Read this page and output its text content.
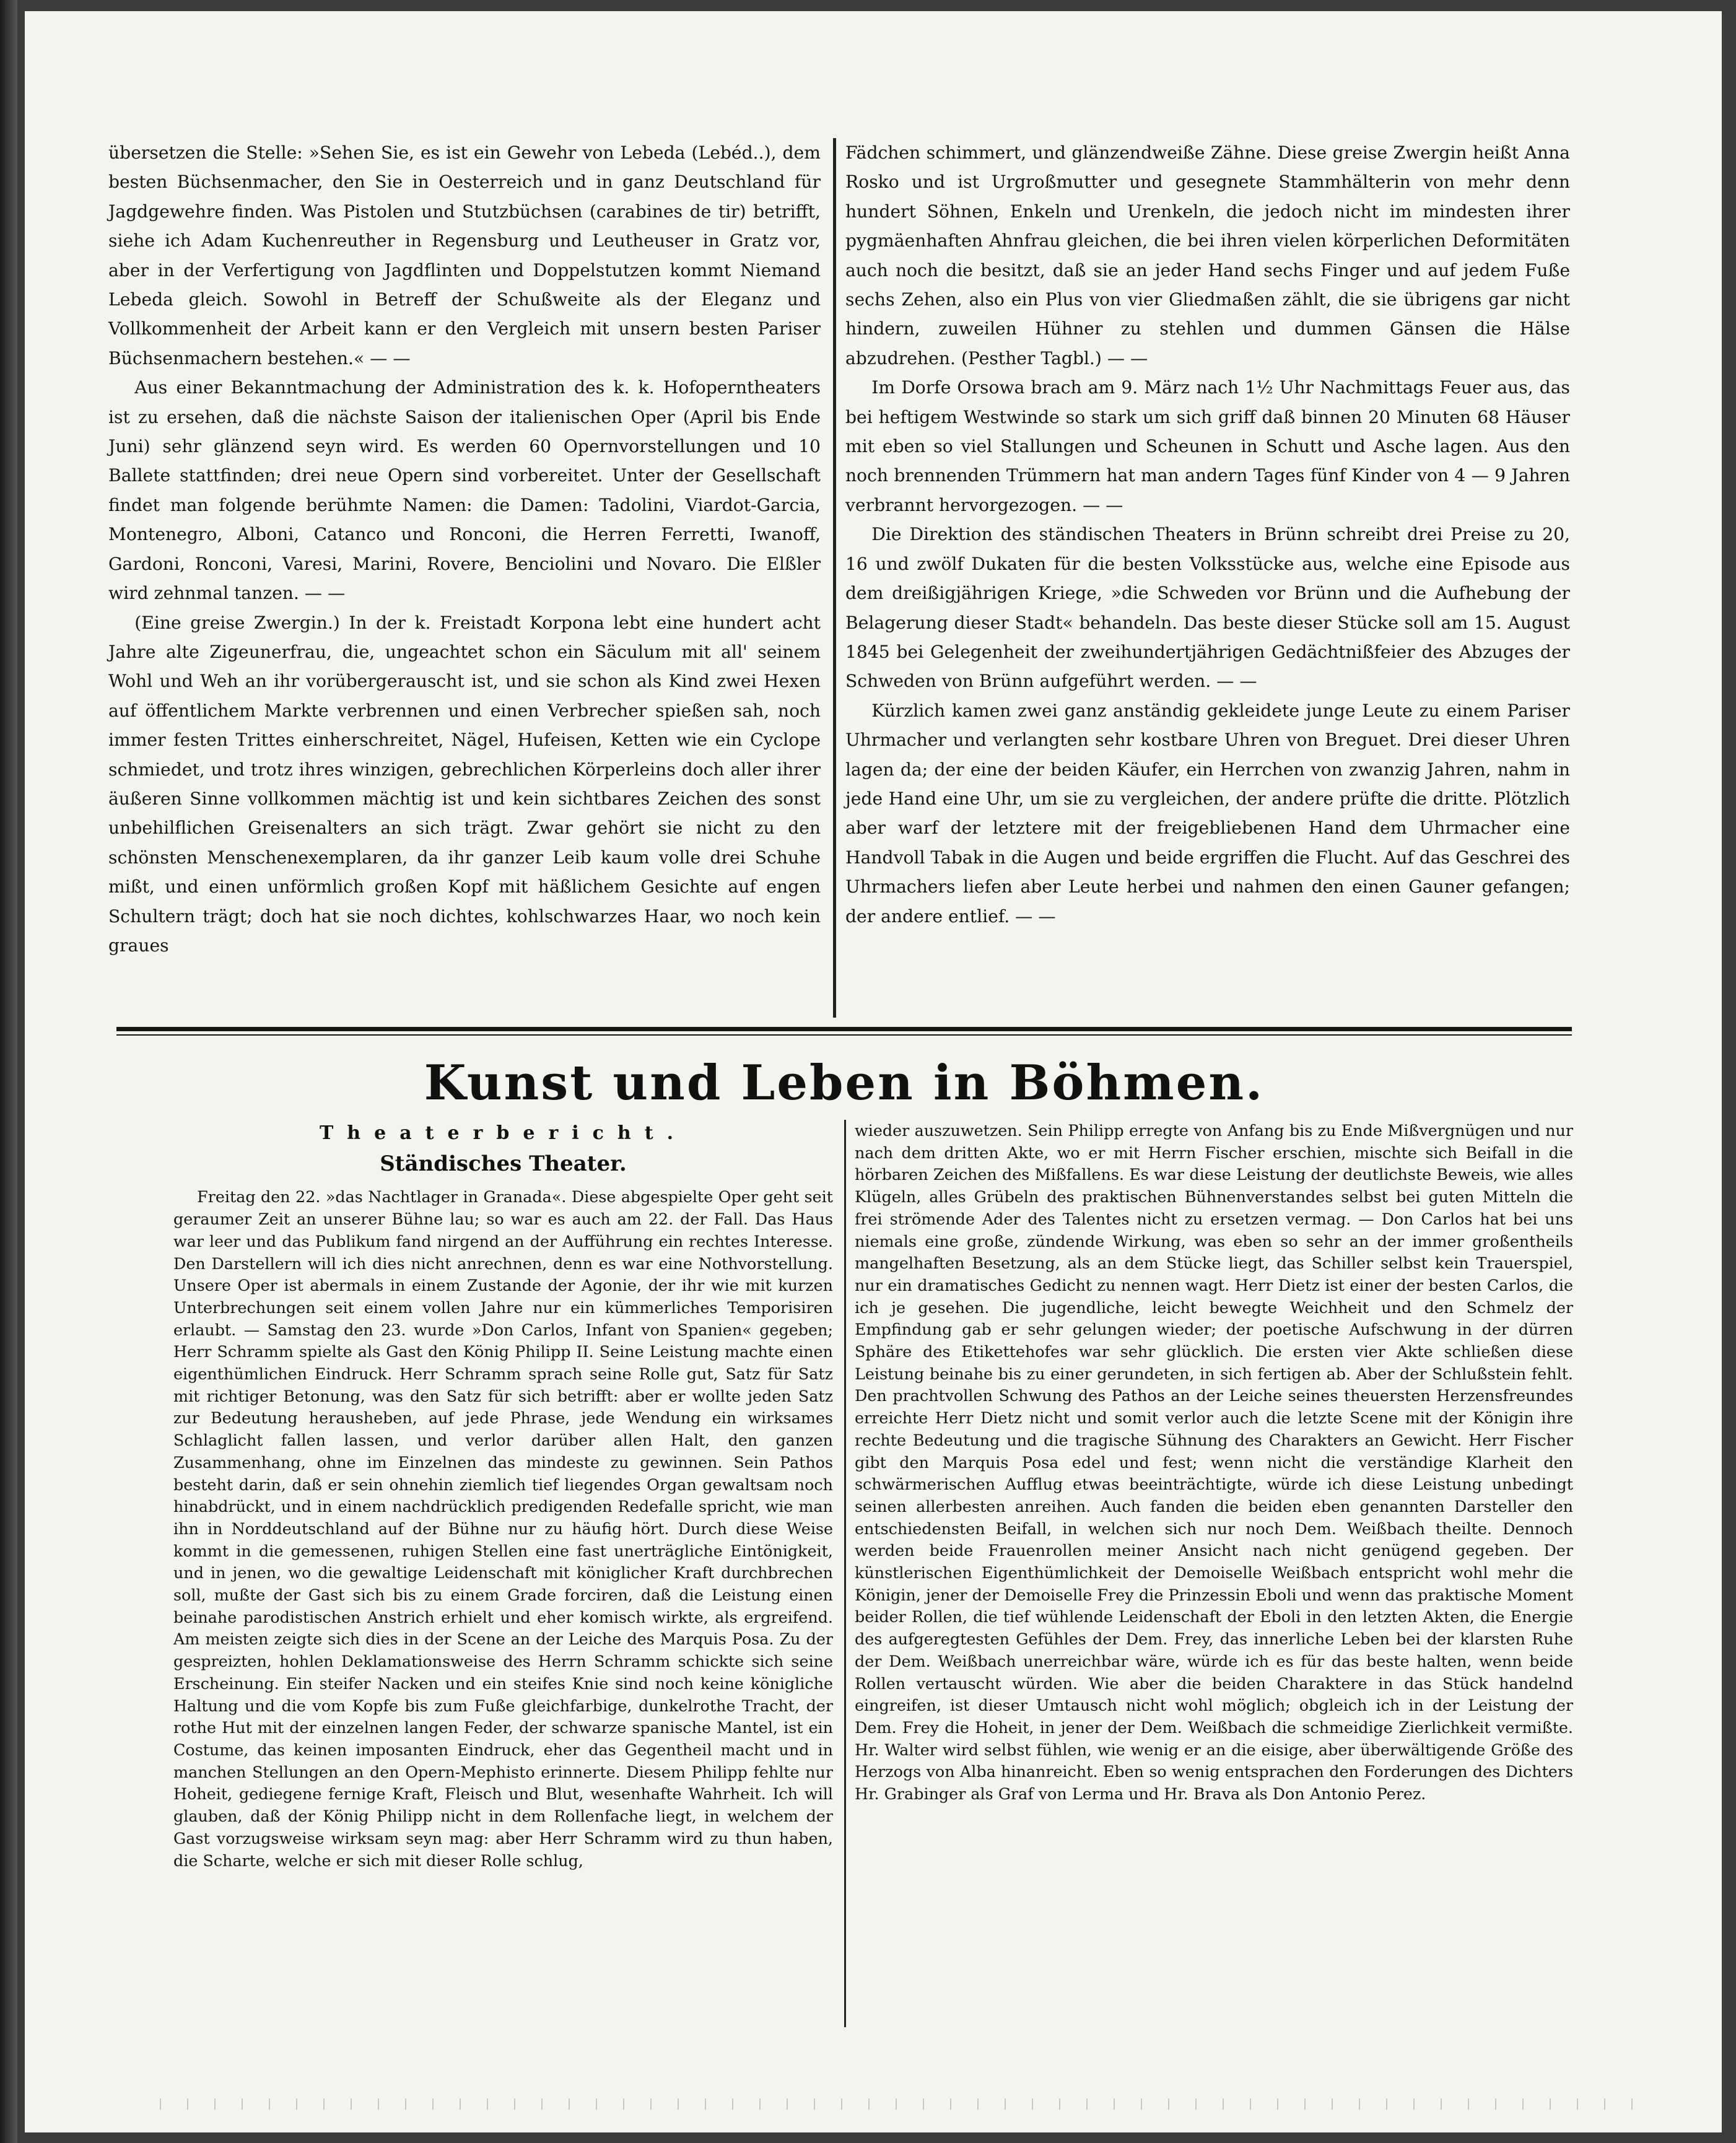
übersetzen die Stelle: »Sehen Sie, es ist ein Gewehr von Lebeda (Lebéd..), dem besten Büchsenmacher, den Sie in Oesterreich und in ganz Deutschland für Jagdgewehre finden. Was Pistolen und Stutzbüchsen (carabines de tir) betrifft, siehe ich Adam Kuchenreuther in Regensburg und Leutheuser in Gratz vor, aber in der Verfertigung von Jagdflinten und Doppelstutzen kommt Niemand Lebeda gleich. Sowohl in Betreff der Schußweite als der Eleganz und Vollkommenheit der Arbeit kann er den Vergleich mit unsern besten Pariser Büchsenmachern bestehen.« — —

Aus einer Bekanntmachung der Administration des k. k. Hofoperntheaters ist zu ersehen, daß die nächste Saison der italienischen Oper (April bis Ende Juni) sehr glänzend seyn wird. Es werden 60 Opernvorstellungen und 10 Ballete stattfinden; drei neue Opern sind vorbereitet. Unter der Gesellschaft findet man folgende berühmte Namen: die Damen: Tadolini, Viardot-Garcia, Montenegro, Alboni, Catanco und Ronconi, die Herren Ferretti, Iwanoff, Gardoni, Ronconi, Varesi, Marini, Rovere, Benciolini und Novaro. Die Elßler wird zehnmal tanzen. — —

(Eine greise Zwergin.) In der k. Freistadt Korpona lebt eine hundert acht Jahre alte Zigeunerfrau, die, ungeachtet schon ein Säculum mit all' seinem Wohl und Weh an ihr vorübergerauscht ist, und sie schon als Kind zwei Hexen auf öffentlichem Markte verbrennen und einen Verbrecher spießen sah, noch immer festen Trittes einherschreitet, Nägel, Hufeisen, Ketten wie ein Cyclope schmiedet, und trotz ihres winzigen, gebrechlichen Körperleins doch aller ihrer äußeren Sinne vollkommen mächtig ist und kein sichtbares Zeichen des sonst unbehilflichen Greisenalters an sich trägt. Zwar gehört sie nicht zu den schönsten Menschenexemplaren, da ihr ganzer Leib kaum volle drei Schuhe mißt, und einen unförmlich großen Kopf mit häßlichem Gesichte auf engen Schultern trägt; doch hat sie noch dichtes, kohlschwarzes Haar, wo noch kein graues

Fädchen schimmert, und glänzendweiße Zähne. Diese greise Zwergin heißt Anna Rosko und ist Urgroßmutter und gesegnete Stammhälterin von mehr denn hundert Söhnen, Enkeln und Urenkeln, die jedoch nicht im mindesten ihrer pygmäenhaften Ahnfrau gleichen, die bei ihren vielen körperlichen Deformitäten auch noch die besitzt, daß sie an jeder Hand sechs Finger und auf jedem Fuße sechs Zehen, also ein Plus von vier Gliedmaßen zählt, die sie übrigens gar nicht hindern, zuweilen Hühner zu stehlen und dummen Gänsen die Hälse abzudrehen. (Pesther Tagbl.) — —

Im Dorfe Orsowa brach am 9. März nach 1½ Uhr Nachmittags Feuer aus, das bei heftigem Westwinde so stark um sich griff daß binnen 20 Minuten 68 Häuser mit eben so viel Stallungen und Scheunen in Schutt und Asche lagen. Aus den noch brennenden Trümmern hat man andern Tages fünf Kinder von 4 — 9 Jahren verbrannt hervorgezogen. — —

Die Direktion des ständischen Theaters in Brünn schreibt drei Preise zu 20, 16 und zwölf Dukaten für die besten Volksstücke aus, welche eine Episode aus dem dreißigjährigen Kriege, »die Schweden vor Brünn und die Aufhebung der Belagerung dieser Stadt« behandeln. Das beste dieser Stücke soll am 15. August 1845 bei Gelegenheit der zweihundertjährigen Gedächtnißfeier des Abzuges der Schweden von Brünn aufgeführt werden. — —

Kürzlich kamen zwei ganz anständig gekleidete junge Leute zu einem Pariser Uhrmacher und verlangten sehr kostbare Uhren von Breguet. Drei dieser Uhren lagen da; der eine der beiden Käufer, ein Herrchen von zwanzig Jahren, nahm in jede Hand eine Uhr, um sie zu vergleichen, der andere prüfte die dritte. Plötzlich aber warf der letztere mit der freigebliebenen Hand dem Uhrmacher eine Handvoll Tabak in die Augen und beide ergriffen die Flucht. Auf das Geschrei des Uhrmachers liefen aber Leute herbei und nahmen den einen Gauner gefangen; der andere entlief. — —

Kunst und Leben in Böhmen.
Theaterbericht.
Ständisches Theater.

Freitag den 22. »das Nachtlager in Granada«. Diese abgespielte Oper geht seit geraumer Zeit an unserer Bühne lau; so war es auch am 22. der Fall. Das Haus war leer und das Publikum fand nirgend an der Aufführung ein rechtes Interesse. Den Darstellern will ich dies nicht anrechnen, denn es war eine Nothvorstellung. Unsere Oper ist abermals in einem Zustande der Agonie, der ihr wie mit kurzen Unterbrechungen seit einem vollen Jahre nur ein kümmerliches Temporisiren erlaubt. — Samstag den 23. wurde »Don Carlos, Infant von Spanien« gegeben; Herr Schramm spielte als Gast den König Philipp II. Seine Leistung machte einen eigenthümlichen Eindruck. Herr Schramm sprach seine Rolle gut, Satz für Satz mit richtiger Betonung, was den Satz für sich betrifft: aber er wollte jeden Satz zur Bedeutung herausheben, auf jede Phrase, jede Wendung ein wirksames Schlaglicht fallen lassen, und verlor darüber allen Halt, den ganzen Zusammenhang, ohne im Einzelnen das mindeste zu gewinnen. Sein Pathos besteht darin, daß er sein ohnehin ziemlich tief liegendes Organ gewaltsam noch hinabdrückt, und in einem nachdrücklich predigenden Redefalle spricht, wie man ihn in Norddeutschland auf der Bühne nur zu häufig hört. Durch diese Weise kommt in die gemessenen, ruhigen Stellen eine fast unerträgliche Eintönigkeit, und in jenen, wo die gewaltige Leidenschaft mit königlicher Kraft durchbrechen soll, mußte der Gast sich bis zu einem Grade forciren, daß die Leistung einen beinahe parodistischen Anstrich erhielt und eher komisch wirkte, als ergreifend. Am meisten zeigte sich dies in der Scene an der Leiche des Marquis Posa. Zu der gespreizten, hohlen Deklamationsweise des Herrn Schramm schickte sich seine Erscheinung. Ein steifer Nacken und ein steifes Knie sind noch keine königliche Haltung und die vom Kopfe bis zum Fuße gleichfarbige, dunkelrothe Tracht, der rothe Hut mit der einzelnen langen Feder, der schwarze spanische Mantel, ist ein Costume, das keinen imposanten Eindruck, eher das Gegentheil macht und in manchen Stellungen an den Opern-Mephisto erinnerte. Diesem Philipp fehlte nur Hoheit, gediegene fernige Kraft, Fleisch und Blut, wesenhafte Wahrheit. Ich will glauben, daß der König Philipp nicht in dem Rollenfache liegt, in welchem der Gast vorzugsweise wirksam seyn mag: aber Herr Schramm wird zu thun haben, die Scharte, welche er sich mit dieser Rolle schlug,

wieder auszuwetzen. Sein Philipp erregte von Anfang bis zu Ende Mißvergnügen und nur nach dem dritten Akte, wo er mit Herrn Fischer erschien, mischte sich Beifall in die hörbaren Zeichen des Mißfallens. Es war diese Leistung der deutlichste Beweis, wie alles Klügeln, alles Grübeln des praktischen Bühnenverstandes selbst bei guten Mitteln die frei strömende Ader des Talentes nicht zu ersetzen vermag. — Don Carlos hat bei uns niemals eine große, zündende Wirkung, was eben so sehr an der immer großentheils mangelhaften Besetzung, als an dem Stücke liegt, das Schiller selbst kein Trauerspiel, nur ein dramatisches Gedicht zu nennen wagt. Herr Dietz ist einer der besten Carlos, die ich je gesehen. Die jugendliche, leicht bewegte Weichheit und den Schmelz der Empfindung gab er sehr gelungen wieder; der poetische Aufschwung in der dürren Sphäre des Etikettehofes war sehr glücklich. Die ersten vier Akte schließen diese Leistung beinahe bis zu einer gerundeten, in sich fertigen ab. Aber der Schlußstein fehlt. Den prachtvollen Schwung des Pathos an der Leiche seines theuersten Herzensfreundes erreichte Herr Dietz nicht und somit verlor auch die letzte Scene mit der Königin ihre rechte Bedeutung und die tragische Sühnung des Charakters an Gewicht. Herr Fischer gibt den Marquis Posa edel und fest; wenn nicht die verständige Klarheit den schwärmerischen Aufflug etwas beeinträchtigte, würde ich diese Leistung unbedingt seinen allerbesten anreihen. Auch fanden die beiden eben genannten Darsteller den entschiedensten Beifall, in welchen sich nur noch Dem. Weißbach theilte. Dennoch werden beide Frauenrollen meiner Ansicht nach nicht genügend gegeben. Der künstlerischen Eigenthümlichkeit der Demoiselle Weißbach entspricht wohl mehr die Königin, jener der Demoiselle Frey die Prinzessin Eboli und wenn das praktische Moment beider Rollen, die tief wühlende Leidenschaft der Eboli in den letzten Akten, die Energie des aufgeregtesten Gefühles der Dem. Frey, das innerliche Leben bei der klarsten Ruhe der Dem. Weißbach unerreichbar wäre, würde ich es für das beste halten, wenn beide Rollen vertauscht würden. Wie aber die beiden Charaktere in das Stück handelnd eingreifen, ist dieser Umtausch nicht wohl möglich; obgleich ich in der Leistung der Dem. Frey die Hoheit, in jener der Dem. Weißbach die schmeidige Zierlichkeit vermißte. Hr. Walter wird selbst fühlen, wie wenig er an die eisige, aber überwältigende Größe des Herzogs von Alba hinanreicht. Eben so wenig entsprachen den Forderungen des Dichters Hr. Grabinger als Graf von Lerma und Hr. Brava als Don Antonio Perez.
